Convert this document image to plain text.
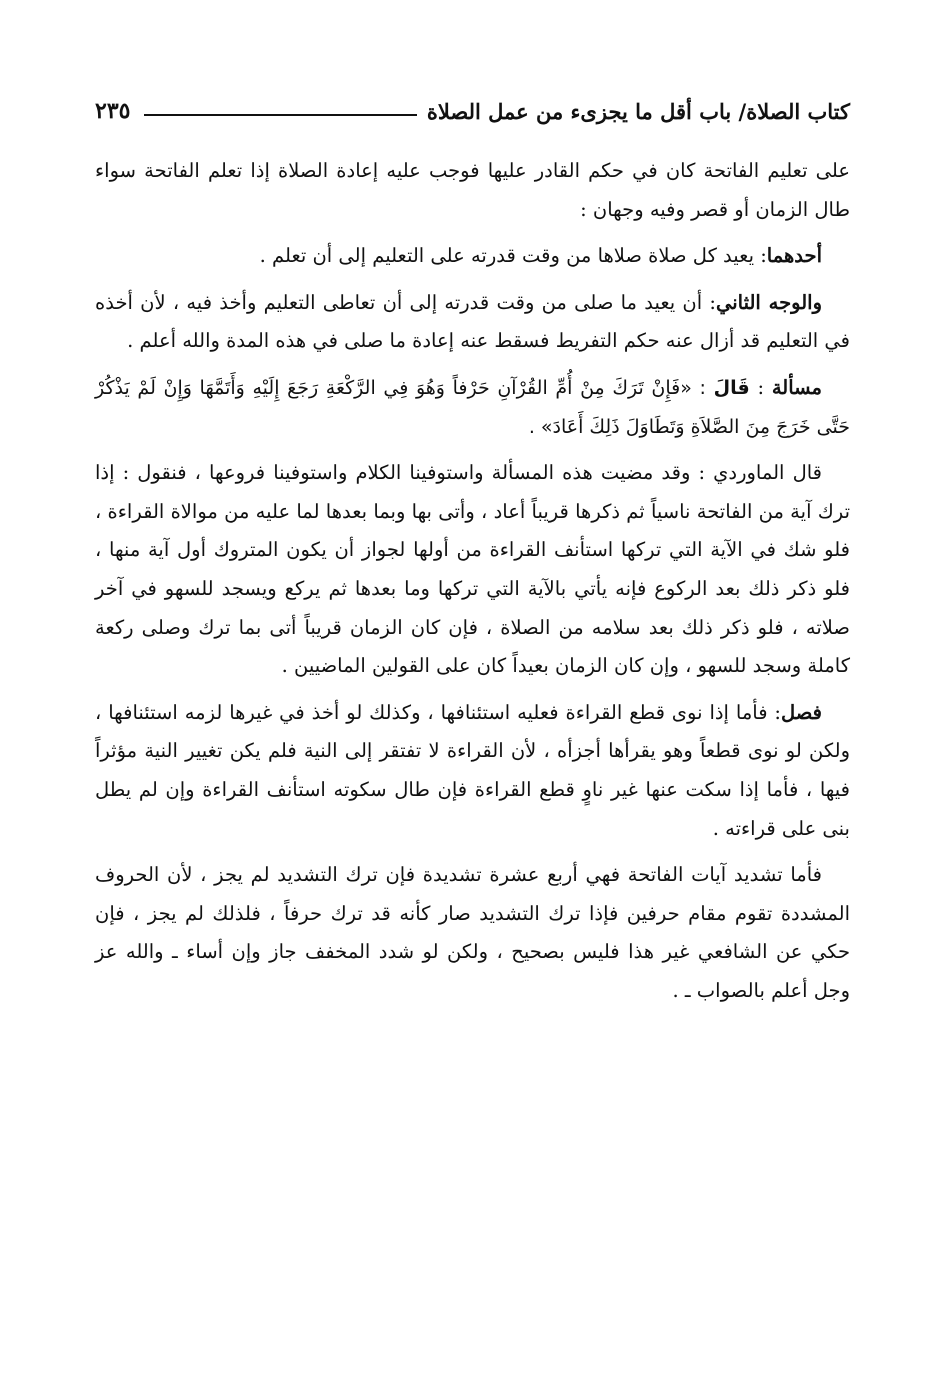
كتاب الصلاة/ باب أقل ما يجزىء من عمل الصلاة
٢٣٥

على تعليم الفاتحة كان في حكم القادر عليها فوجب عليه إعادة الصلاة إذا تعلم الفاتحة سواء طال الزمان أو قصر وفيه وجهان :

أحدهما: يعيد كل صلاة صلاها من وقت قدرته على التعليم إلى أن تعلم .

والوجه الثاني: أن يعيد ما صلى من وقت قدرته إلى أن تعاطى التعليم وأخذ فيه ، لأن أخذه في التعليم قد أزال عنه حكم التفريط فسقط عنه إعادة ما صلى في هذه المدة والله أعلم .

مسألة : قَالَ : «فَإِنْ تَرَكَ مِنْ أُمِّ القُرْآنِ حَرْفاً وَهُوَ فِي الرَّكْعَةِ رَجَعَ إِلَيْهِ وَأَتَمَّهَا وَإِنْ لَمْ يَذْكُرْ حَتَّى خَرَجَ مِنَ الصَّلاَةِ وَتَطَاوَلَ ذَلِكَ أَعَادَ» .

قال الماوردي : وقد مضيت هذه المسألة واستوفينا الكلام واستوفينا فروعها ، فنقول : إذا ترك آية من الفاتحة ناسياً ثم ذكرها قريباً أعاد ، وأتى بها وبما بعدها لما عليه من موالاة القراءة ، فلو شك في الآية التي تركها استأنف القراءة من أولها لجواز أن يكون المتروك أول آية منها ، فلو ذكر ذلك بعد الركوع فإنه يأتي بالآية التي تركها وما بعدها ثم يركع ويسجد للسهو في آخر صلاته ، فلو ذكر ذلك بعد سلامه من الصلاة ، فإن كان الزمان قريباً أتى بما ترك وصلى ركعة كاملة وسجد للسهو ، وإن كان الزمان بعيداً كان على القولين الماضيين .

فصل: فأما إذا نوى قطع القراءة فعليه استئنافها ، وكذلك لو أخذ في غيرها لزمه استئنافها ، ولكن لو نوى قطعاً وهو يقرأها أجزأه ، لأن القراءة لا تفتقر إلى النية فلم يكن تغيير النية مؤثراً فيها ، فأما إذا سكت عنها غير ناوٍ قطع القراءة فإن طال سكوته استأنف القراءة وإن لم يطل بنى على قراءته .

فأما تشديد آيات الفاتحة فهي أربع عشرة تشديدة فإن ترك التشديد لم يجز ، لأن الحروف المشددة تقوم مقام حرفين فإذا ترك التشديد صار كأنه قد ترك حرفاً ، فلذلك لم يجز ، فإن حكي عن الشافعي غير هذا فليس بصحيح ، ولكن لو شدد المخفف جاز وإن أساء ـ والله عز وجل أعلم بالصواب ـ .
